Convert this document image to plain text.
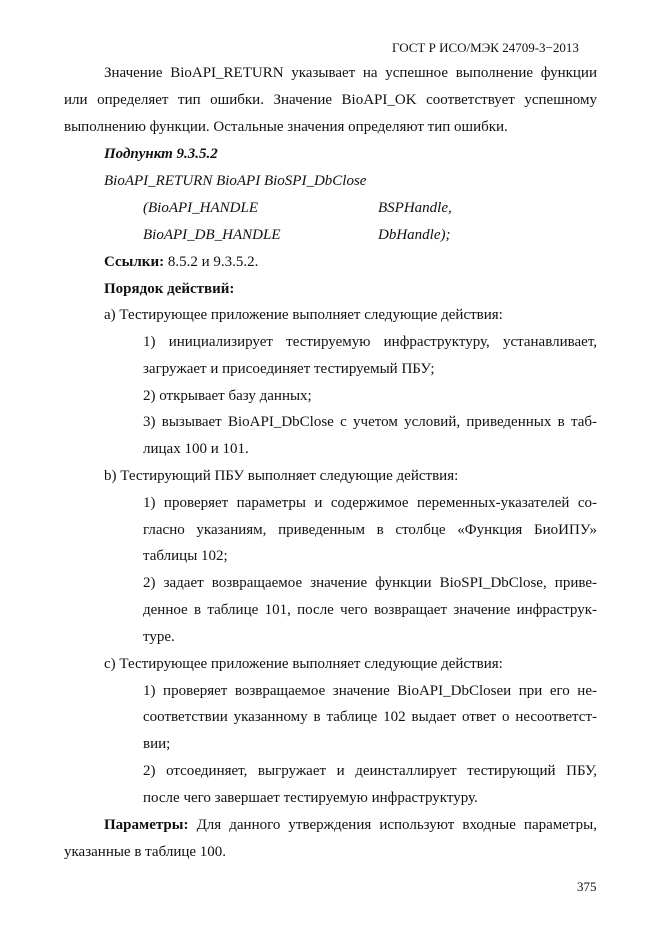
ГОСТ Р ИСО/МЭК 24709-3−2013
Значение BioAPI_RETURN указывает на успешное выполнение функции
или определяет тип ошибки. Значение BioAPI_OK соответствует успешному
выполнению функции. Остальные значения определяют тип ошибки.
Подпункт 9.3.5.2
BioAPI_RETURN BioAPI BioSPI_DbClose
(BioAPI_HANDLE	BSPHandle,
BioAPI_DB_HANDLE	DbHandle);
Ссылки: 8.5.2 и 9.3.5.2.
Порядок действий:
а) Тестирующее приложение выполняет следующие действия:
1) инициализирует тестируемую инфраструктуру, устанавливает,
загружает и присоединяет тестируемый ПБУ;
2) открывает базу данных;
3) вызывает BioAPI_DbClose с учетом условий, приведенных в таб-
лицах 100 и 101.
b) Тестирующий ПБУ выполняет следующие действия:
1) проверяет параметры и содержимое переменных-указателей со-
гласно указаниям, приведенным в столбце «Функция БиоИПУ»
таблицы 102;
2) задает возвращаемое значение функции BioSPI_DbClose, приве-
денное в таблице 101, после чего возвращает значение инфраструк-
туре.
с) Тестирующее приложение выполняет следующие действия:
1) проверяет возвращаемое значение BioAPI_DbCloseи при его не-
соответствии указанному в таблице 102 выдает ответ о несоответст-
вии;
2) отсоединяет, выгружает и деинсталлирует тестирующий ПБУ,
после чего завершает тестируемую инфраструктуру.
Параметры: Для данного утверждения используют входные параметры,
указанные в таблице 100.
375
